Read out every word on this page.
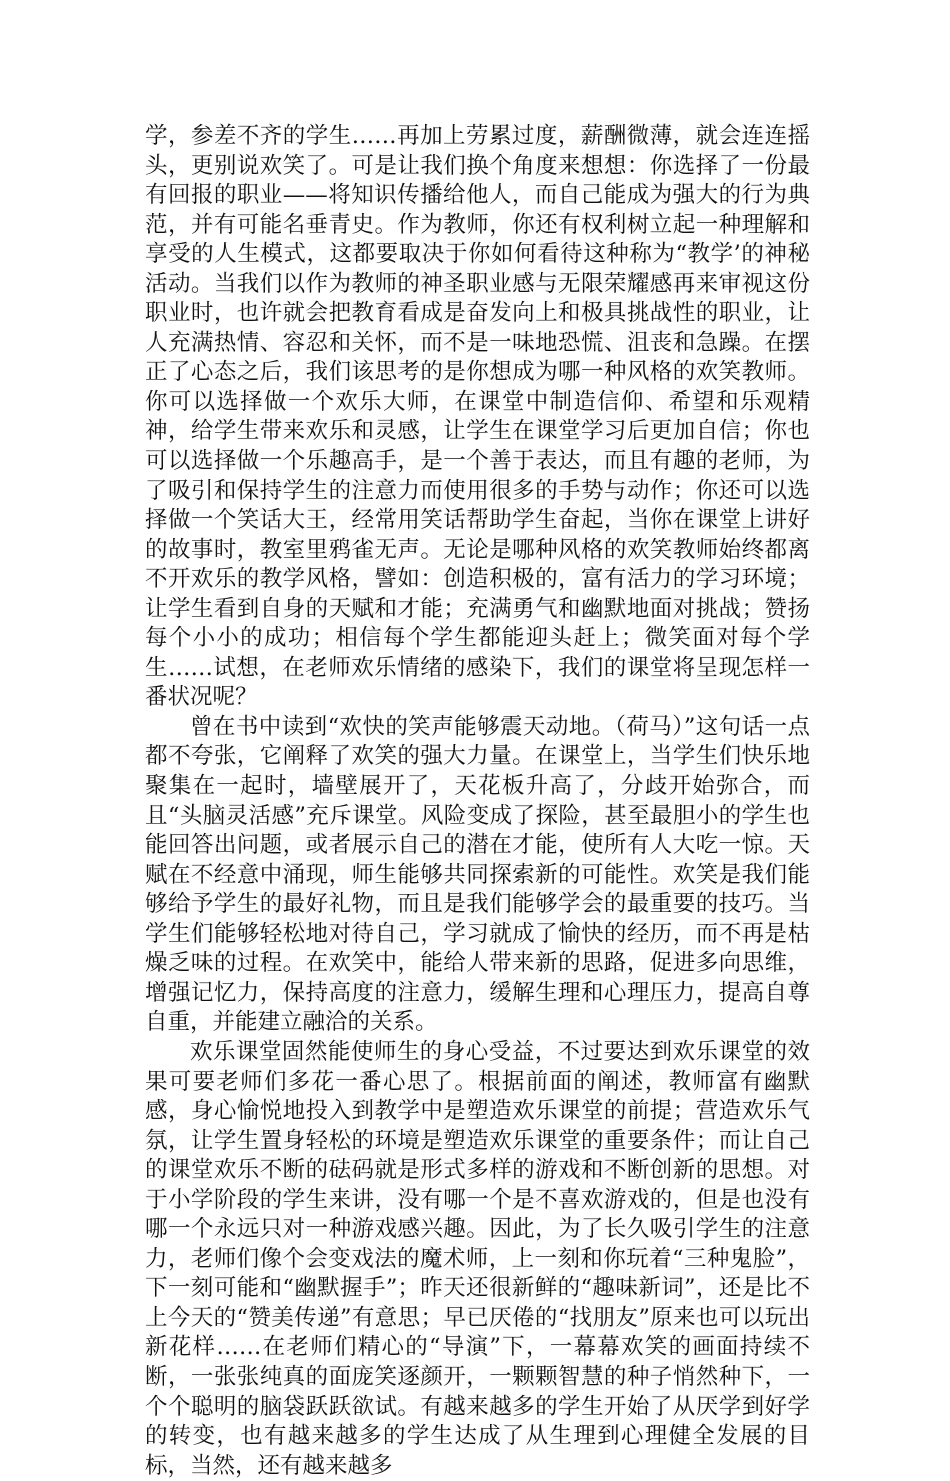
学，参差不齐的学生……再加上劳累过度，薪酬微薄，就会连连摇头，更别说欢笑了。可是让我们换个角度来想想：你选择了一份最有回报的职业——将知识传播给他人，而自己能成为强大的行为典范，并有可能名垂青史。作为教师，你还有权利树立起一种理解和享受的人生模式，这都要取决于你如何看待这种称为“教学’的神秘活动。当我们以作为教师的神圣职业感与无限荣耀感再来审视这份职业时，也许就会把教育看成是奋发向上和极具挑战性的职业，让人充满热情、容忍和关怀，而不是一味地恐慌、沮丧和急躁。在摆正了心态之后，我们该思考的是你想成为哪一种风格的欢笑教师。你可以选择做一个欢乐大师，在课堂中制造信仰、希望和乐观精神，给学生带来欢乐和灵感，让学生在课堂学习后更加自信；你也可以选择做一个乐趣高手，是一个善于表达，而且有趣的老师，为了吸引和保持学生的注意力而使用很多的手势与动作；你还可以选择做一个笑话大王，经常用笑话帮助学生奋起，当你在课堂上讲好的故事时，教室里鸦雀无声。无论是哪种风格的欢笑教师始终都离不开欢乐的教学风格，譬如：创造积极的，富有活力的学习环境；让学生看到自身的天赋和才能；充满勇气和幽默地面对挑战；赞扬每个小小的成功；相信每个学生都能迎头赶上；微笑面对每个学生……试想，在老师欢乐情绪的感染下，我们的课堂将呈现怎样一番状况呢？

曾在书中读到“欢快的笑声能够震天动地。（荷马）”这句话一点都不夸张，它阐释了欢笑的强大力量。在课堂上，当学生们快乐地聚集在一起时，墙壁展开了，天花板升高了，分歧开始弥合，而且“头脑灵活感”充斥课堂。风险变成了探险，甚至最胆小的学生也能回答出问题，或者展示自己的潜在才能，使所有人大吃一惊。天赋在不经意中涌现，师生能够共同探索新的可能性。欢笑是我们能够给予学生的最好礼物，而且是我们能够学会的最重要的技巧。当学生们能够轻松地对待自己，学习就成了愉快的经历，而不再是枯燥乏味的过程。在欢笑中，能给人带来新的思路，促进多向思维，增强记忆力，保持高度的注意力，缓解生理和心理压力，提高自尊自重，并能建立融洽的关系。

欢乐课堂固然能使师生的身心受益，不过要达到欢乐课堂的效果可要老师们多花一番心思了。根据前面的阐述，教师富有幽默感，身心愉悦地投入到教学中是塑造欢乐课堂的前提；营造欢乐气氛，让学生置身轻松的环境是塑造欢乐课堂的重要条件；而让自己的课堂欢乐不断的砝码就是形式多样的游戏和不断创新的思想。对于小学阶段的学生来讲，没有哪一个是不喜欢游戏的，但是也没有哪一个永远只对一种游戏感兴趣。因此，为了长久吸引学生的注意力，老师们像个会变戏法的魔术师，上一刻和你玩着“三种鬼脸”，下一刻可能和“幽默握手”；昨天还很新鲜的“趣味新词”，还是比不上今天的“赞美传递”有意思；早已厌倦的“找朋友”原来也可以玩出新花样……在老师们精心的“导演”下，一幕幕欢笑的画面持续不断，一张张纯真的面庞笑逐颜开，一颗颗智慧的种子悄然种下，一个个聪明的脑袋跃跃欲试。有越来越多的学生开始了从厌学到好学的转变，也有越来越多的学生达成了从生理到心理健全发展的目标，当然，还有越来越多
